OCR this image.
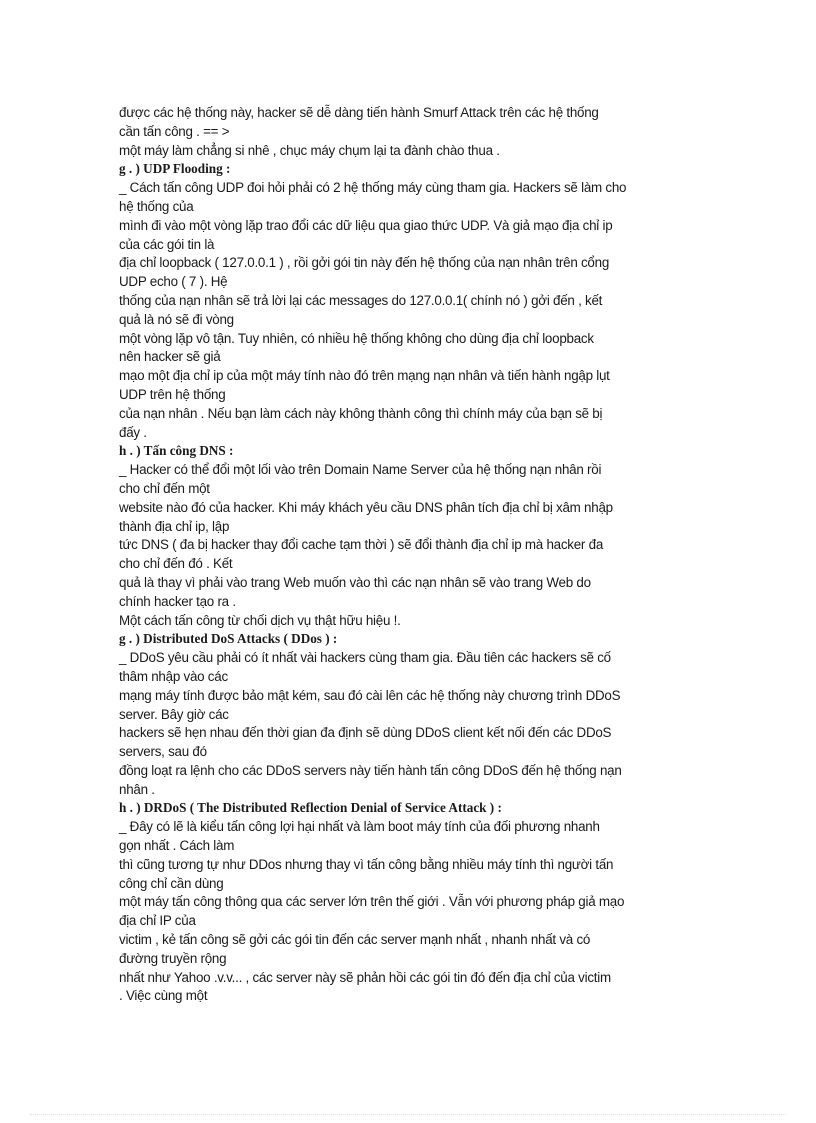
được các hệ thống này, hacker sẽ dễ dàng tiến hành Smurf Attack trên các hệ thống

cần tấn công . == >

một máy làm chẳng si nhê , chục máy chụm lại ta đành chào thua .

g . ) UDP Flooding :

_ Cách tấn công UDP đoi hỏi phải có 2 hệ thống máy cùng tham gia. Hackers sẽ làm cho

hệ thống của

mình đi vào một vòng lặp trao đổi các dữ liệu qua giao thức UDP. Và giả mạo địa chỉ ip

của các gói tin là

địa chỉ loopback ( 127.0.0.1 ) , rồi gởi gói tin này đến hệ thống của nạn nhân trên cổng

UDP echo ( 7 ). Hệ

thống của nạn nhân sẽ trả lời lại các messages do 127.0.0.1( chính nó ) gởi đến , kết

quả là nó sẽ đi vòng

một vòng lặp vô tận. Tuy nhiên, có nhiều hệ thống không cho dùng địa chỉ loopback

nên hacker sẽ giả

mạo một địa chỉ ip của một máy tính nào đó trên mạng nạn nhân và tiến hành ngập lụt

UDP trên hệ thống

của nạn nhân . Nếu bạn làm cách này không thành công thì chính máy của bạn sẽ bị

đấy .

h . ) Tấn công DNS :

_ Hacker có thể đổi một lối vào trên Domain Name Server của hệ thống nạn nhân rồi

cho chỉ đến một

website nào đó của hacker. Khi máy khách yêu cầu DNS phân tích địa chỉ bị xâm nhập

thành địa chỉ ip, lập

tức DNS ( đa bị hacker thay đổi cache tạm thời ) sẽ đổi thành địa chỉ ip mà hacker đa

cho chỉ đến đó . Kết

quả là thay vì phải vào trang Web muốn vào thì các nạn nhân sẽ vào trang Web do

chính hacker tạo ra .

Một cách tấn công từ chối dịch vụ thật hữu hiệu !.

g . ) Distributed DoS Attacks ( DDos ) :

_ DDoS yêu cầu phải có ít nhất vài hackers cùng tham gia. Đầu tiên các hackers sẽ cố

thâm nhập vào các

mạng máy tính được bảo mật kém, sau đó cài lên các hệ thống này chương trình DDoS

server. Bây giờ các

hackers sẽ hẹn nhau đến thời gian đa định sẽ dùng DDoS client kết nối đến các DDoS

servers, sau đó

đồng loạt ra lệnh cho các DDoS servers này tiến hành tấn công DDoS đến hệ thống nạn

nhân .

h . ) DRDoS ( The Distributed Reflection Denial of Service Attack ) :

_ Đây có lẽ là kiểu tấn công lợi hại nhất và làm boot máy tính của đối phương nhanh

gọn nhất . Cách làm

thì cũng tương tự như DDos nhưng thay vì tấn công bằng nhiều máy tính thì người tấn

công chỉ cần dùng

một máy tấn công thông qua các server lớn trên thế giới . Vẫn với phương pháp giả mạo

địa chỉ IP của

victim , kẻ tấn công sẽ gởi các gói tin đến các server mạnh nhất , nhanh nhất và có

đường truyền rộng

nhất như Yahoo .v.v... , các server này sẽ phản hồi các gói tin đó đến địa chỉ của victim

. Việc cùng một
